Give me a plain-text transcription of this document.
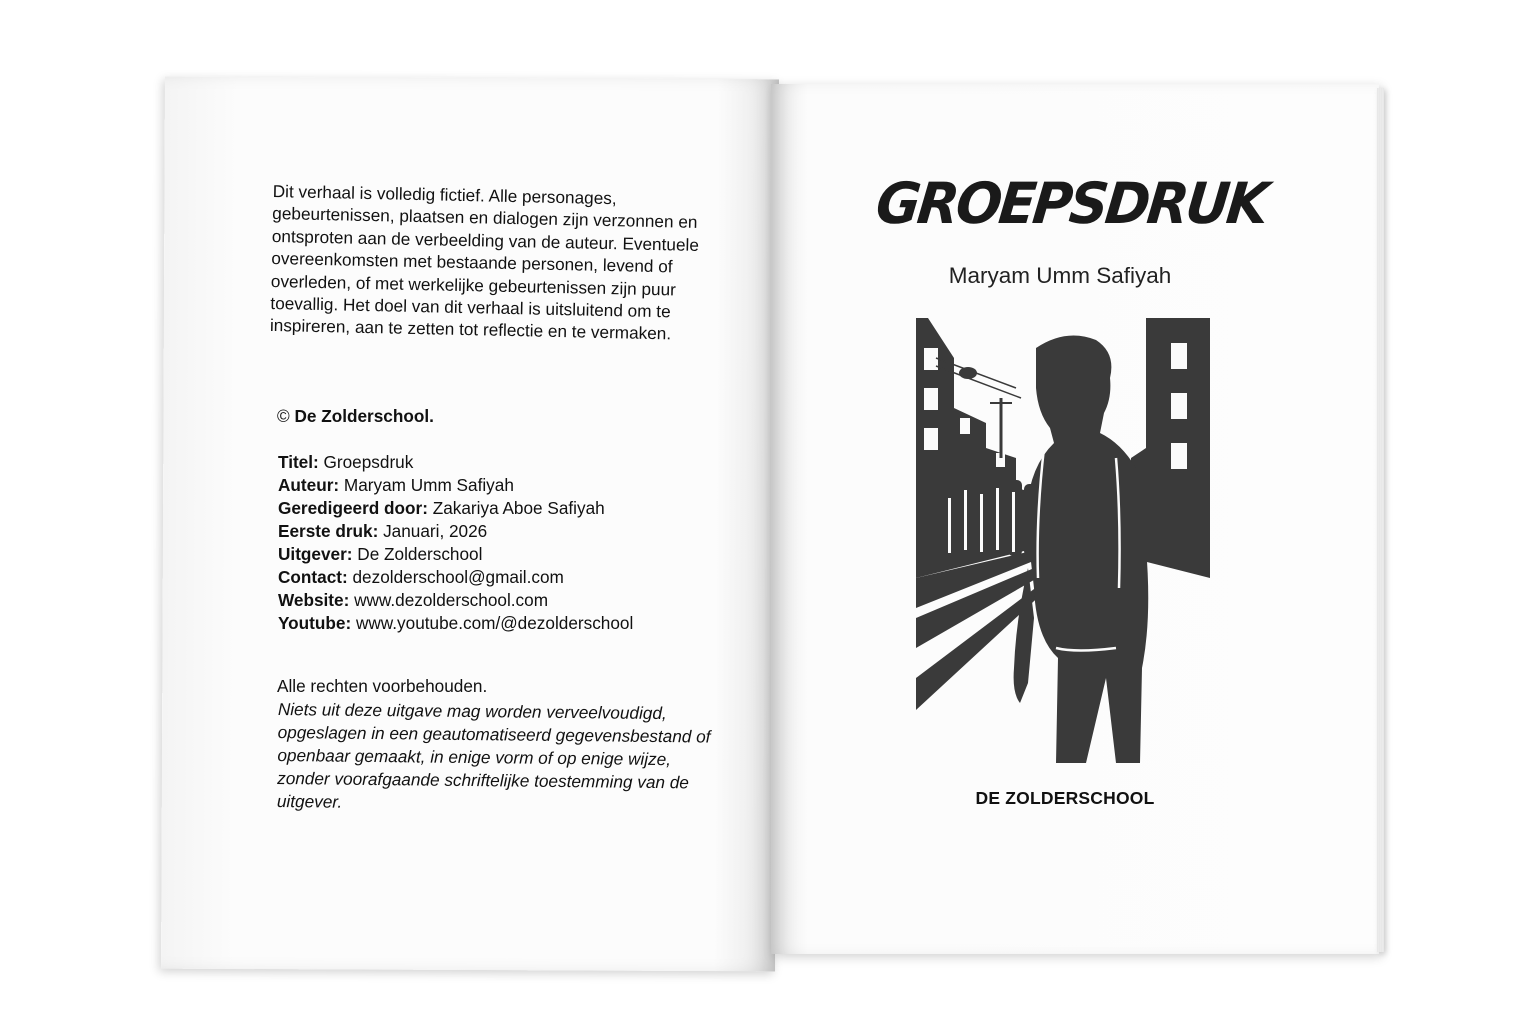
Dit verhaal is volledig fictief. Alle personages, gebeurtenissen, plaatsen en dialogen zijn verzonnen en ontsproten aan de verbeelding van de auteur. Eventuele overeenkomsten met bestaande personen, levend of overleden, of met werkelijke gebeurtenissen zijn puur toevallig. Het doel van dit verhaal is uitsluitend om te inspireren, aan te zetten tot reflectie en te vermaken.

© De Zolderschool.

Titel: Groepsdruk
Auteur: Maryam Umm Safiyah
Geredigeerd door: Zakariya Aboe Safiyah
Eerste druk: Januari, 2026
Uitgever: De Zolderschool
Contact: dezolderschool@gmail.com
Website: www.dezolderschool.com
Youtube: www.youtube.com/@dezolderschool

Alle rechten voorbehouden.

Niets uit deze uitgave mag worden verveelvoudigd, opgeslagen in een geautomatiseerd gegevensbestand of openbaar gemaakt, in enige vorm of op enige wijze, zonder voorafgaande schriftelijke toestemming van de uitgever.

GROEPSDRUK

Maryam Umm Safiyah

DE ZOLDERSCHOOL
